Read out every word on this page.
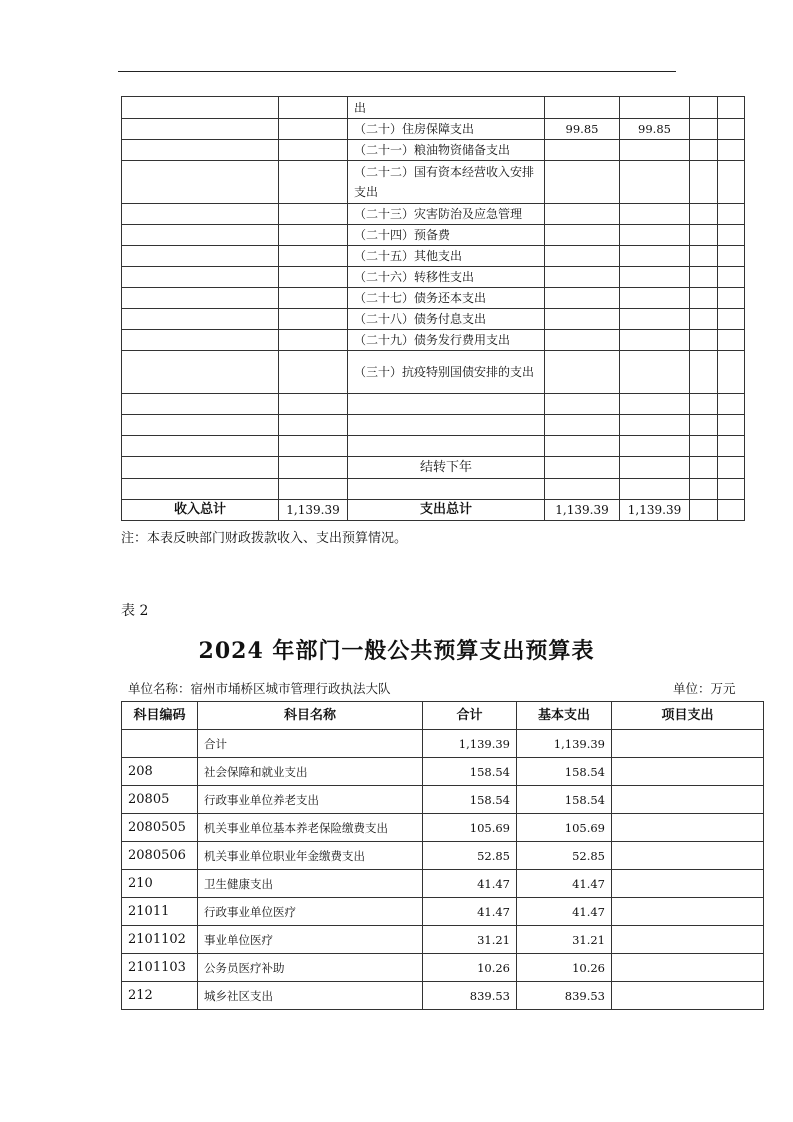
		出				
		（二十）住房保障支出	99.85	99.85		
		（二十一）粮油物资储备支出				
		（二十二）国有资本经营收入安排支出				
		（二十三）灾害防治及应急管理				
		（二十四）预备费				
		（二十五）其他支出				
		（二十六）转移性支出				
		（二十七）债务还本支出				
		（二十八）债务付息支出				
		（二十九）债务发行费用支出				
		（三十）抗疫特别国债安排的支出				

		结转下年				

收入总计	1,139.39	支出总计	1,139.39	1,139.39		
注：本表反映部门财政拨款收入、支出预算情况。
表 2
2024 年部门一般公共预算支出预算表
单位名称：宿州市埇桥区城市管理行政执法大队	单位：万元
科目编码	科目名称	合计	基本支出	项目支出
	合计	1,139.39	1,139.39	
208	社会保障和就业支出	158.54	158.54	
20805	行政事业单位养老支出	158.54	158.54	
2080505	机关事业单位基本养老保险缴费支出	105.69	105.69	
2080506	机关事业单位职业年金缴费支出	52.85	52.85	
210	卫生健康支出	41.47	41.47	
21011	行政事业单位医疗	41.47	41.47	
2101102	事业单位医疗	31.21	31.21	
2101103	公务员医疗补助	10.26	10.26	
212	城乡社区支出	839.53	839.53	
